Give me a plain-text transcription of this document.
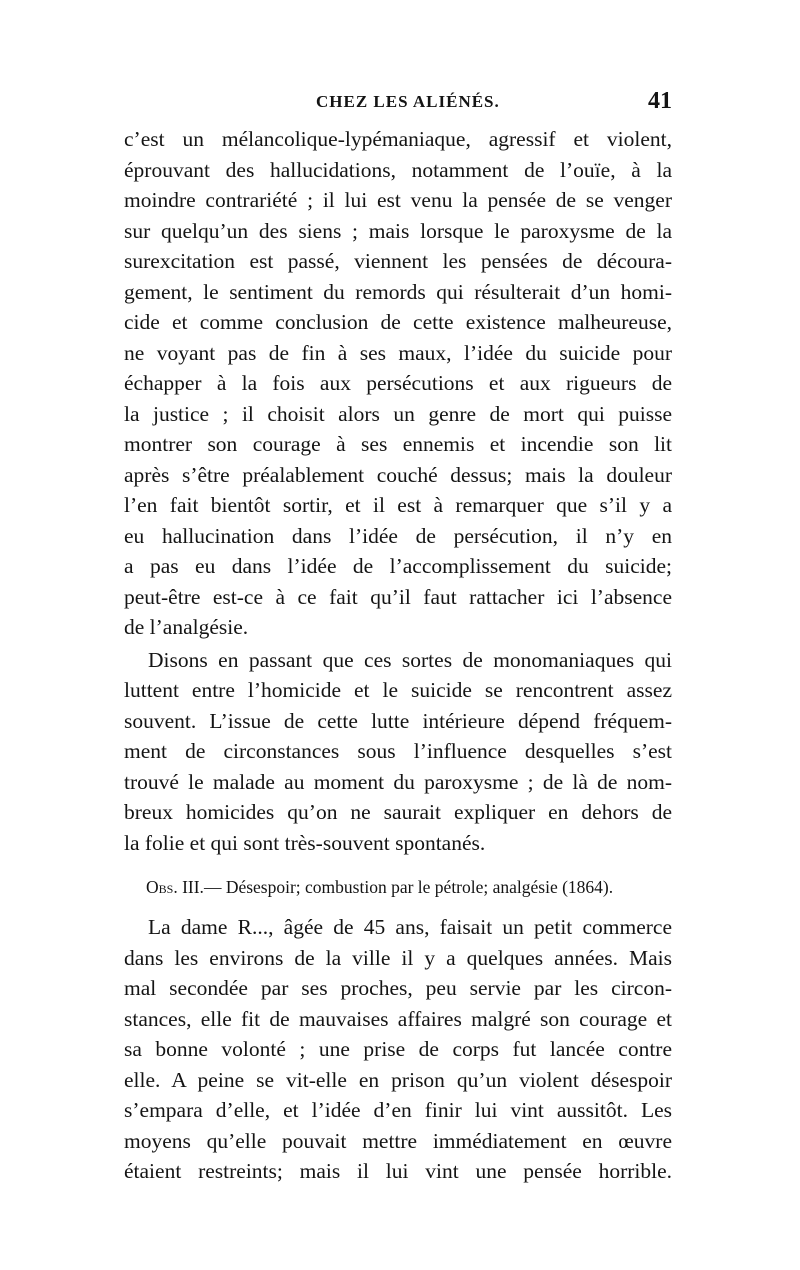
CHEZ LES ALIÉNÉS.	41

c’est un mélancolique-lypémaniaque, agressif et violent,
éprouvant des hallucidations, notamment de l’ouïe, à la
moindre contrariété ; il lui est venu la pensée de se venger
sur quelqu’un des siens ; mais lorsque le paroxysme de la
surexcitation est passé, viennent les pensées de découra-
gement, le sentiment du remords qui résulterait d’un homi-
cide et comme conclusion de cette existence malheureuse,
ne voyant pas de fin à ses maux, l’idée du suicide pour
échapper à la fois aux persécutions et aux rigueurs de
la justice ; il choisit alors un genre de mort qui puisse
montrer son courage à ses ennemis et incendie son lit
après s’être préalablement couché dessus; mais la douleur
l’en fait bientôt sortir, et il est à remarquer que s’il y a
eu hallucination dans l’idée de persécution, il n’y en
a pas eu dans l’idée de l’accomplissement du suicide;
peut-être est-ce à ce fait qu’il faut rattacher ici l’absence
de l’analgésie.

Disons en passant que ces sortes de monomaniaques qui
luttent entre l’homicide et le suicide se rencontrent assez
souvent. L’issue de cette lutte intérieure dépend fréquem-
ment de circonstances sous l’influence desquelles s’est
trouvé le malade au moment du paroxysme ; de là de nom-
breux homicides qu’on ne saurait expliquer en dehors de
la folie et qui sont très-souvent spontanés.

Obs. III.— Désespoir; combustion par le pétrole; analgésie (1864).

La dame R..., âgée de 45 ans, faisait un petit commerce
dans les environs de la ville il y a quelques années. Mais
mal secondée par ses proches, peu servie par les circon-
stances, elle fit de mauvaises affaires malgré son courage et
sa bonne volonté ; une prise de corps fut lancée contre
elle. A peine se vit-elle en prison qu’un violent désespoir
s’empara d’elle, et l’idée d’en finir lui vint aussitôt. Les
moyens qu’elle pouvait mettre immédiatement en œuvre
étaient restreints; mais il lui vint une pensée horrible.
